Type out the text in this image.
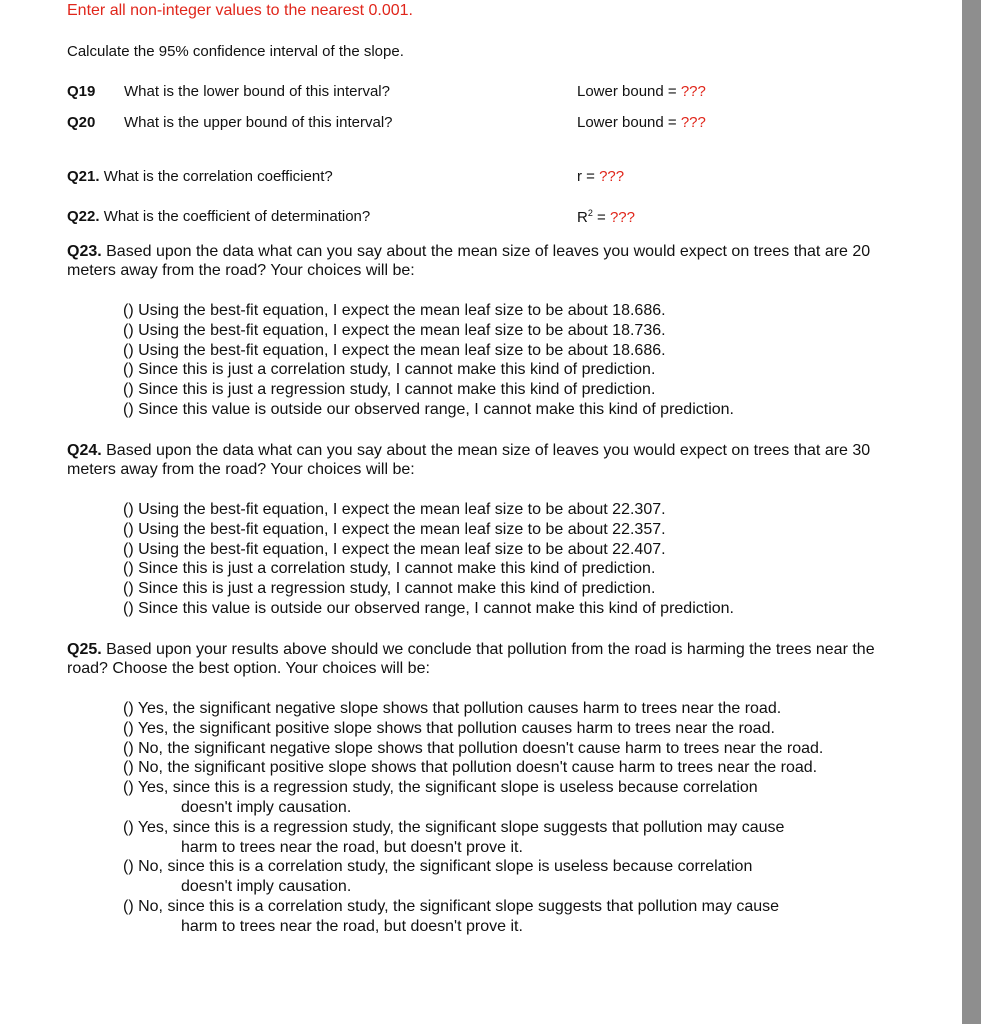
Enter all non-integer values to the nearest 0.001.
Calculate the 95% confidence interval of the slope.
Q19 What is the lower bound of this interval?	Lower bound = ???
Q20 What is the upper bound of this interval?	Lower bound = ???
Q21. What is the correlation coefficient?	r = ???
Q22. What is the coefficient of determination?	$R^2$ = ???
Q23. Based upon the data what can you say about the mean size of leaves you would expect on trees that are 20 meters away from the road? Your choices will be:
() Using the best-fit equation, I expect the mean leaf size to be about 18.686.
() Using the best-fit equation, I expect the mean leaf size to be about 18.736.
() Using the best-fit equation, I expect the mean leaf size to be about 18.686.
() Since this is just a correlation study, I cannot make this kind of prediction.
() Since this is just a regression study, I cannot make this kind of prediction.
() Since this value is outside our observed range, I cannot make this kind of prediction.
Q24. Based upon the data what can you say about the mean size of leaves you would expect on trees that are 30 meters away from the road? Your choices will be:
() Using the best-fit equation, I expect the mean leaf size to be about 22.307.
() Using the best-fit equation, I expect the mean leaf size to be about 22.357.
() Using the best-fit equation, I expect the mean leaf size to be about 22.407.
() Since this is just a correlation study, I cannot make this kind of prediction.
() Since this is just a regression study, I cannot make this kind of prediction.
() Since this value is outside our observed range, I cannot make this kind of prediction.
Q25. Based upon your results above should we conclude that pollution from the road is harming the trees near the road? Choose the best option. Your choices will be:
() Yes, the significant negative slope shows that pollution causes harm to trees near the road.
() Yes, the significant positive slope shows that pollution causes harm to trees near the road.
() No, the significant negative slope shows that pollution doesn't cause harm to trees near the road.
() No, the significant positive slope shows that pollution doesn't cause harm to trees near the road.
() Yes, since this is a regression study, the significant slope is useless because correlation
doesn't imply causation.
() Yes, since this is a regression study, the significant slope suggests that pollution may cause
harm to trees near the road, but doesn't prove it.
() No, since this is a correlation study, the significant slope is useless because correlation
doesn't imply causation.
() No, since this is a correlation study, the significant slope suggests that pollution may cause
harm to trees near the road, but doesn't prove it.
